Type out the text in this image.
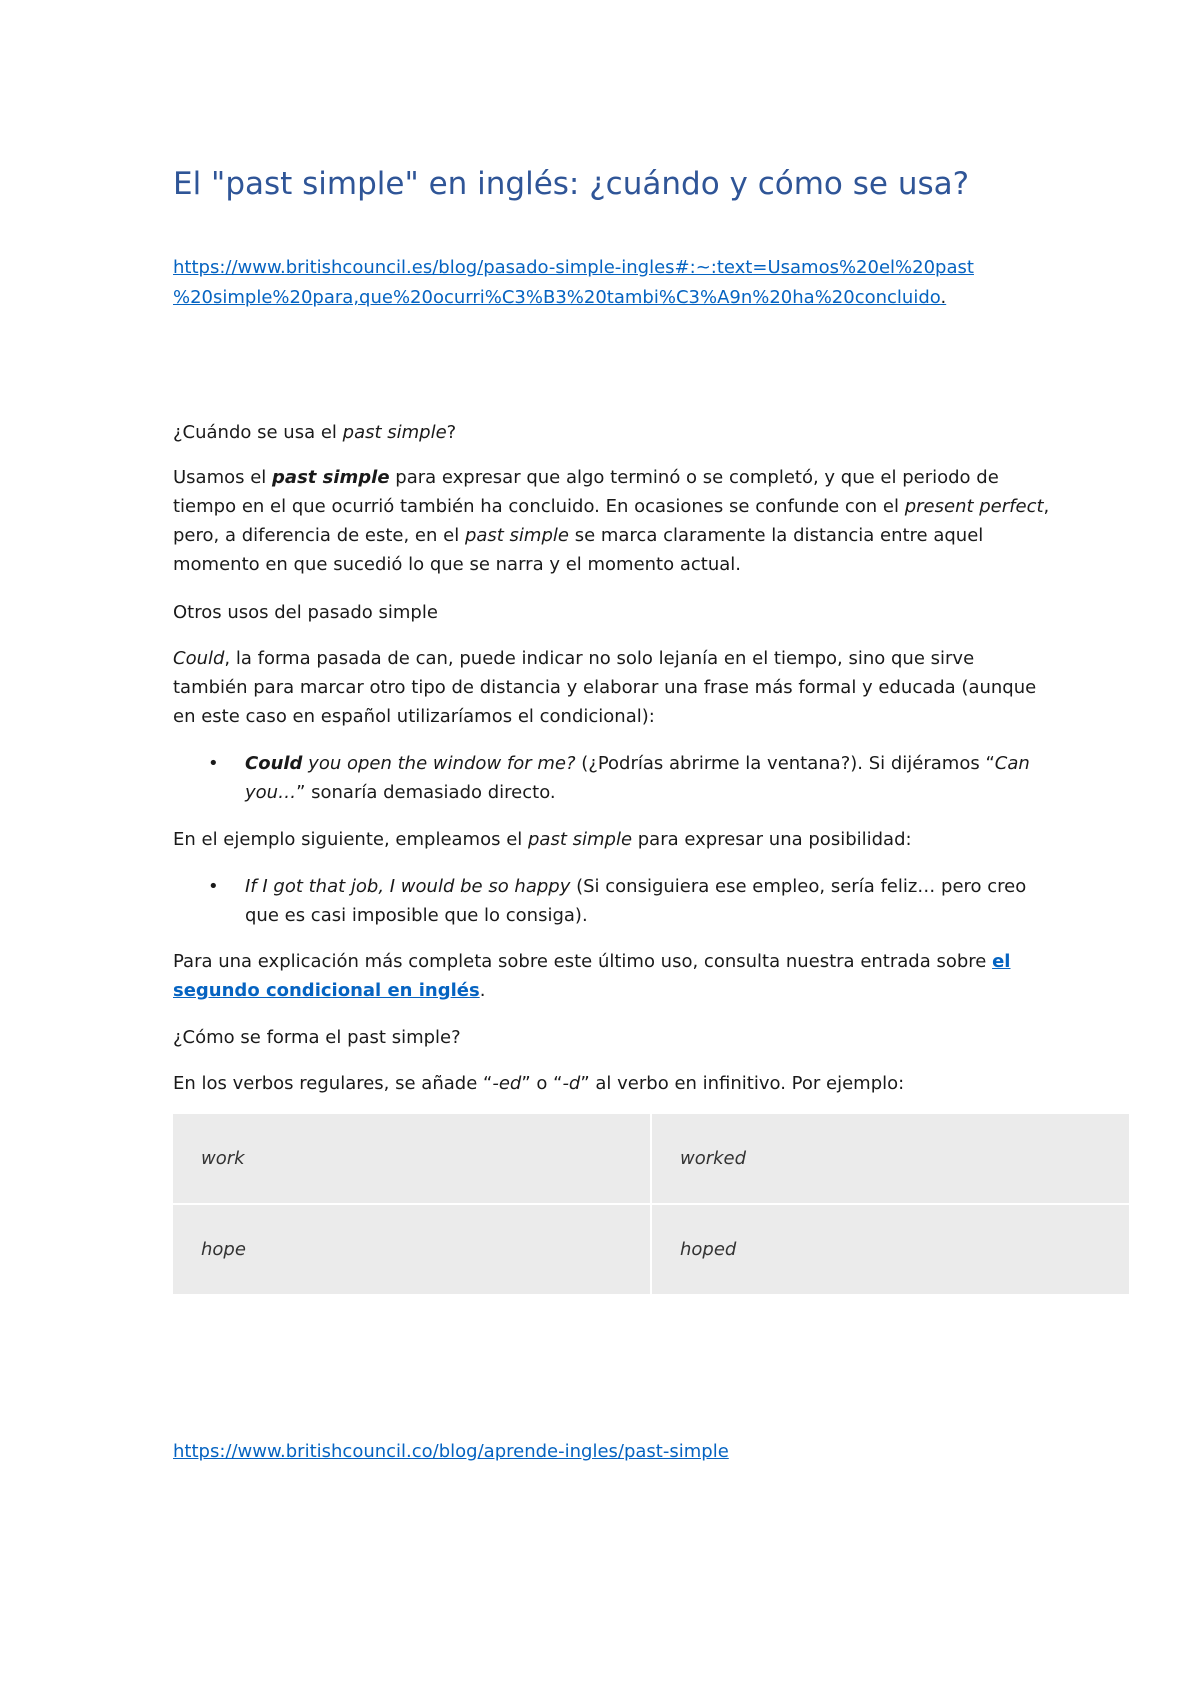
El "past simple" en inglés: ¿cuándo y cómo se usa?
https://www.britishcouncil.es/blog/pasado-simple-ingles#:~:text=Usamos%20el%20past
%20simple%20para,que%20ocurri%C3%B3%20tambi%C3%A9n%20ha%20concluido.

¿Cuándo se usa el past simple?

Usamos el past simple para expresar que algo terminó o se completó, y que el periodo de tiempo en el que ocurrió también ha concluido. En ocasiones se confunde con el present perfect, pero, a diferencia de este, en el past simple se marca claramente la distancia entre aquel momento en que sucedió lo que se narra y el momento actual.

Otros usos del pasado simple

Could, la forma pasada de can, puede indicar no solo lejanía en el tiempo, sino que sirve también para marcar otro tipo de distancia y elaborar una frase más formal y educada (aunque en este caso en español utilizaríamos el condicional):

• Could you open the window for me? (¿Podrías abrirme la ventana?). Si dijéramos “Can you…” sonaría demasiado directo.

En el ejemplo siguiente, empleamos el past simple para expresar una posibilidad:

• If I got that job, I would be so happy (Si consiguiera ese empleo, sería feliz… pero creo que es casi imposible que lo consiga).

Para una explicación más completa sobre este último uso, consulta nuestra entrada sobre el segundo condicional en inglés.

¿Cómo se forma el past simple?

En los verbos regulares, se añade “-ed” o “-d” al verbo en infinitivo. Por ejemplo:

work	worked
hope	hoped
https://www.britishcouncil.co/blog/aprende-ingles/past-simple
